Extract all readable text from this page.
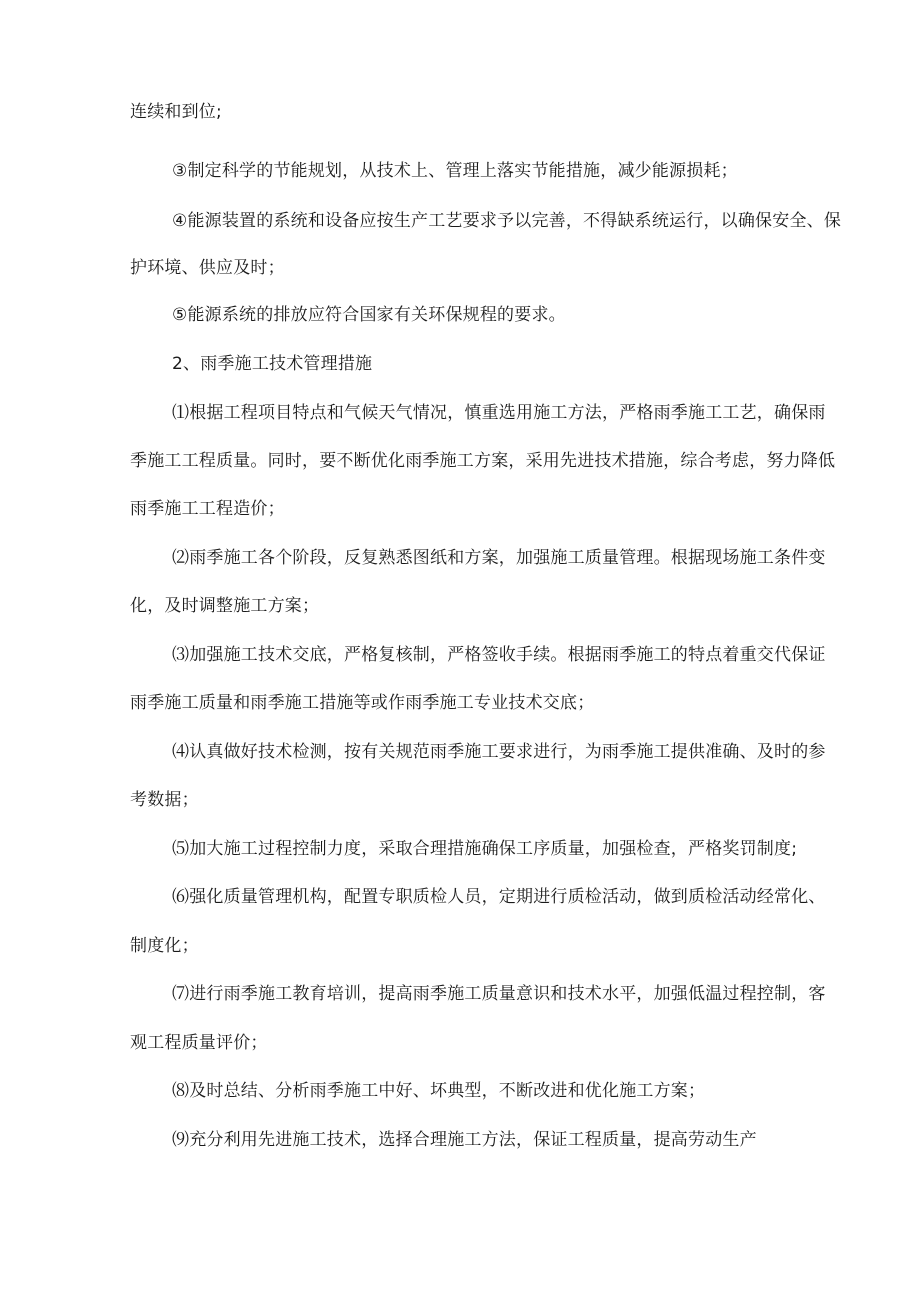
连续和到位;
③制定科学的节能规划，从技术上、管理上落实节能措施，减少能源损耗；
④能源装置的系统和设备应按生产工艺要求予以完善，不得缺系统运行，以确保安全、保
护环境、供应及时；
⑤能源系统的排放应符合国家有关环保规程的要求。
2、雨季施工技术管理措施
⑴根据工程项目特点和气候天气情况，慎重选用施工方法，严格雨季施工工艺，确保雨
季施工工程质量。同时，要不断优化雨季施工方案，采用先进技术措施，综合考虑，努力降低
雨季施工工程造价；
⑵雨季施工各个阶段，反复熟悉图纸和方案，加强施工质量管理。根据现场施工条件变
化，及时调整施工方案；
⑶加强施工技术交底，严格复核制，严格签收手续。根据雨季施工的特点着重交代保证
雨季施工质量和雨季施工措施等或作雨季施工专业技术交底；
⑷认真做好技术检测，按有关规范雨季施工要求进行，为雨季施工提供准确、及时的参
考数据；
⑸加大施工过程控制力度，采取合理措施确保工序质量，加强检查，严格奖罚制度;
⑹强化质量管理机构，配置专职质检人员，定期进行质检活动，做到质检活动经常化、
制度化；
⑺进行雨季施工教育培训，提高雨季施工质量意识和技术水平，加强低温过程控制，客
观工程质量评价；
⑻及时总结、分析雨季施工中好、坏典型，不断改进和优化施工方案；
⑼充分利用先进施工技术，选择合理施工方法，保证工程质量，提高劳动生产
